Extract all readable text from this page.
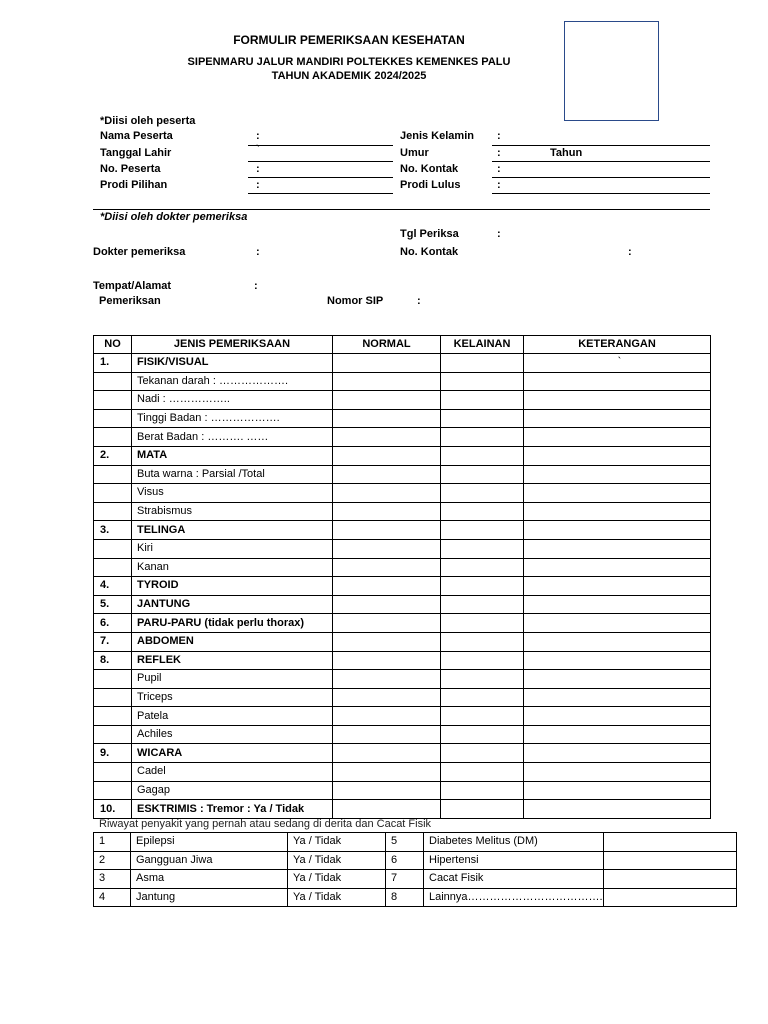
FORMULIR PEMERIKSAAN KESEHATAN
SIPENMARU JALUR MANDIRI POLTEKKES KEMENKES PALU
TAHUN AKADEMIK 2024/2025
*Diisi oleh peserta
Nama Peserta	:
Tanggal Lahir	`
No. Peserta	:
Prodi Pilihan	:
Jenis Kelamin :
Umur	:	Tahun
No. Kontak	:
Prodi Lulus	:
*Diisi oleh dokter pemeriksa
Tgl Periksa	:
Dokter pemeriksa	:	No. Kontak	:
Tempat/Alamat	:
Pemeriksan	Nomor SIP	:
NO	JENIS PEMERIKSAAN	NORMAL	KELAINAN	KETERANGAN
1.	FISIK/VISUAL			`
	Tekanan darah : ……………….			
	Nadi : ……………..			
	Tinggi Badan : ……………….			
	Berat Badan : ………. ……			
2.	MATA			
	Buta warna : Parsial /Total			
	Visus			
	Strabismus			
3.	TELINGA			
	Kiri			
	Kanan			
4.	TYROID			
5.	JANTUNG			
6.	PARU-PARU (tidak perlu thorax)			
7.	ABDOMEN			
8.	REFLEK			
	Pupil			
	Triceps			
	Patela			
	Achiles			
9.	WICARA			
	Cadel			
	Gagap			
10.	ESKTRIMIS : Tremor : Ya / Tidak			
Riwayat penyakit yang pernah atau sedang di derita dan Cacat Fisik
1	Epilepsi	Ya / Tidak	5	Diabetes Melitus (DM)	
2	Gangguan Jiwa	Ya / Tidak	6	Hipertensi	
3	Asma	Ya / Tidak	7	Cacat Fisik	
4	Jantung	Ya / Tidak	8	Lainnya……………………………….	
